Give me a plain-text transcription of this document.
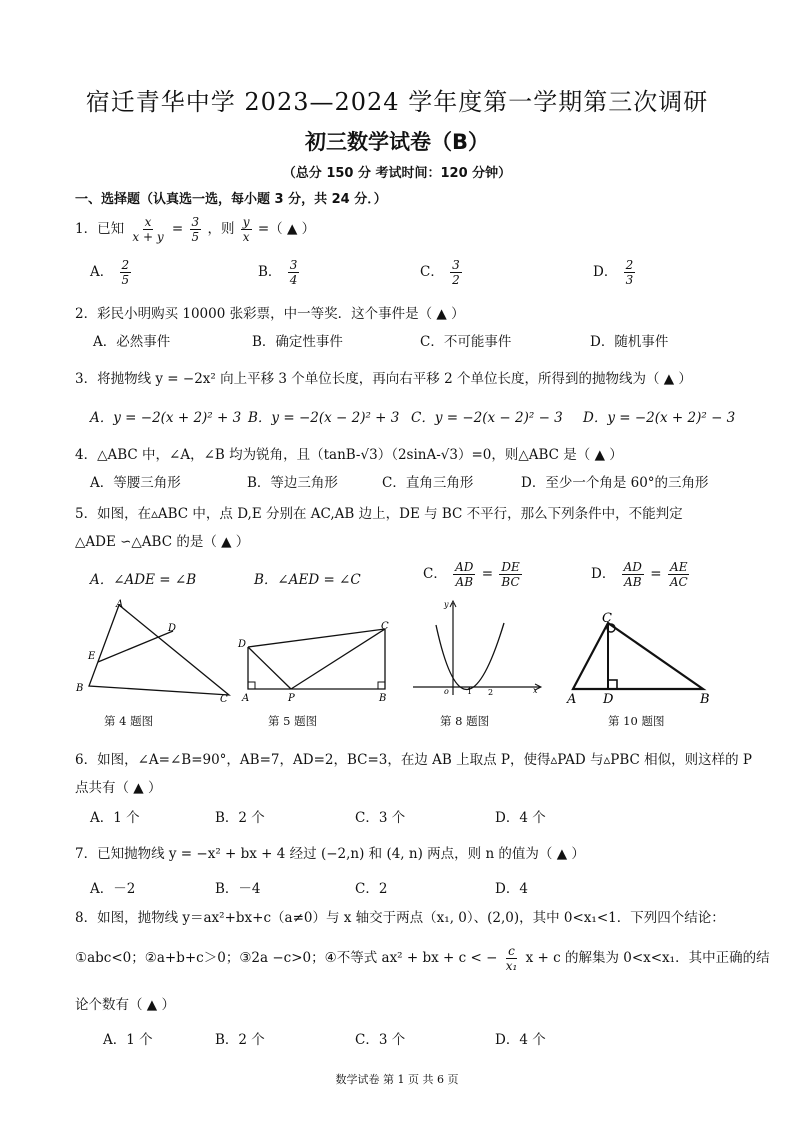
宿迁青华中学 2023—2024 学年度第一学期第三次调研
初三数学试卷（B）
（总分 150 分 考试时间：120 分钟）
一、选择题（认真选一选，每小题 3 分，共 24 分．）
1．已知 $\frac{x}{x + y} = \frac{3}{5}$ ，则 $\frac{y}{x}$ =（ ▲ ）
A． $\frac{2}{5}$	B． $\frac{3}{4}$	C． $\frac{3}{2}$	D． $\frac{2}{3}$
2．彩民小明购买 10000 张彩票，中一等奖．这个事件是（ ▲ ）
A．必然事件	B．确定性事件	C．不可能事件	D．随机事件
3．将抛物线 y = −2x² 向上平移 3 个单位长度，再向右平移 2 个单位长度，所得到的抛物线为（ ▲ ）
A．y = −2(x + 2)² + 3 B．y = −2(x − 2)² + 3 C．y = −2(x − 2)² − 3 D．y = −2(x + 2)² − 3
4．△ABC 中，∠A，∠B 均为锐角，且（tanB-√3）（2sinA-√3）=0，则△ABC 是（ ▲ ）
A．等腰三角形	B．等边三角形	C．直角三角形	D．至少一个角是 60°的三角形
5．如图，在▵ABC 中，点 D,E 分别在 AC,AB 边上，DE 与 BC 不平行，那么下列条件中，不能判定
△ADE ∽△ABC 的是（ ▲ ）
A．∠ADE = ∠B	B．∠AED = ∠C	C． $\frac{AD}{AB} = \frac{DE}{BC}$	D． $\frac{AD}{AB} = \frac{AE}{AC}$
A
D
E
B
C
第 4 题图
D
C
A	P	B
第 5 题图
y
o 1 2	x
第 8 题图
C
A D	B
第 10 题图
6．如图，∠A=∠B=90°，AB=7，AD=2，BC=3，在边 AB 上取点 P，使得▵PAD 与▵PBC 相似，则这样的 P
点共有（ ▲ ）
A．1 个	B．2 个	C．3 个	D．4 个
7．已知抛物线 y = −x² + bx + 4 经过 (−2,n) 和 (4, n) 两点，则 n 的值为（ ▲ ）
A．－2	B．－4	C．2	D．4
8．如图，抛物线 y＝ax²+bx+c（a≠0）与 x 轴交于两点（x₁, 0）、(2,0)，其中 0<x₁<1．下列四个结论：
①abc<0；②a+b+c＞0；③2a −c>0；④不等式 ax² + bx + c < − $\frac{c}{\text{x₁}}$ x + c 的解集为 0<x<x₁．其中正确的结
论个数有（ ▲ ）
A．1 个	B．2 个	C．3 个	D．4 个
数学试卷 第 1 页 共 6 页
